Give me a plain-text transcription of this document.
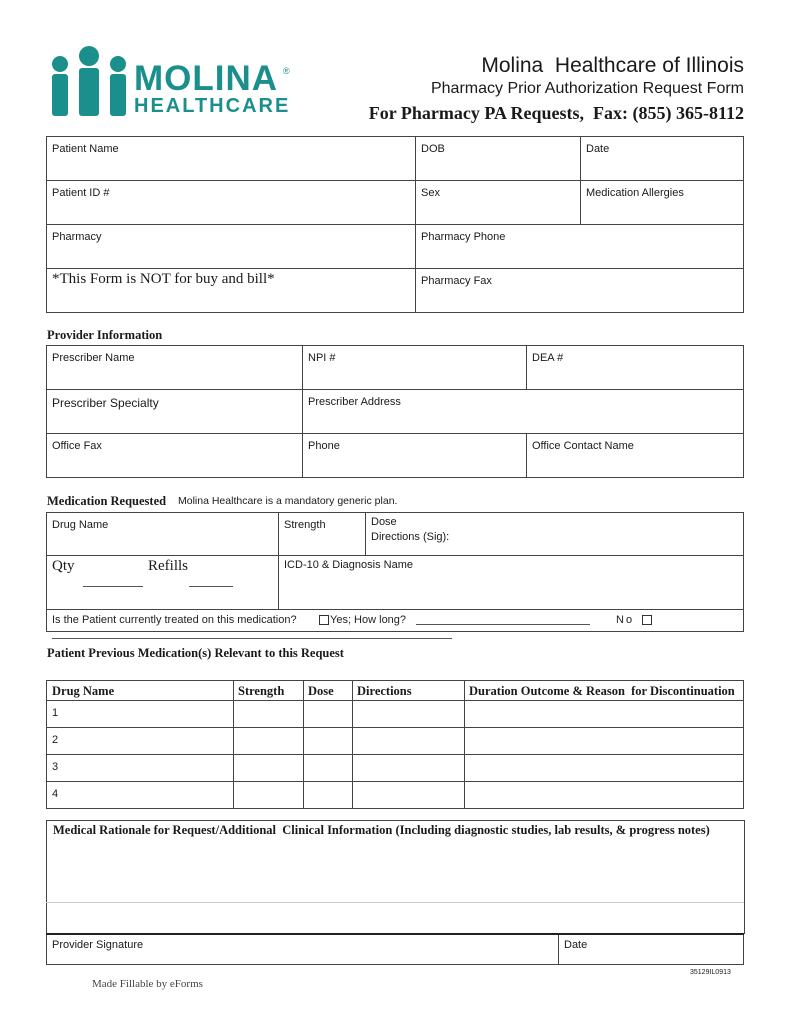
MOLINA
HEALTHCARE
®	Molina  Healthcare of Illinois
Pharmacy Prior Authorization Request Form
For Pharmacy PA Requests,  Fax: (855) 365-8112
Patient Name	DOB	Date

Patient ID #	Sex	Medication Allergies

Pharmacy	Pharmacy Phone	

*This Form is NOT for buy and bill*	Pharmacy Fax	
Provider Information
Prescriber Name	NPI #	DEA #

Prescriber Specialty	Prescriber Address	

Office Fax	Phone	Office Contact Name
Medication Requested Molina Healthcare is a mandatory generic plan.
Drug Name	Strength	Dose
Directions (Sig):

Qty Refills	ICD-10 & Diagnosis Name	

Is the Patient currently treated on this medication? Yes; How long? No		
Patient Previous Medication(s) Relevant to this Request
Drug Name	Strength	Dose	Directions	Duration Outcome & Reason  for Discontinuation

1				

2				

3				

4				

Medical Rationale for Request/Additional  Clinical Information (Including diagnostic studies, lab results, & progress notes)
Provider Signature	Date
35129IL0913
Made Fillable by eForms
